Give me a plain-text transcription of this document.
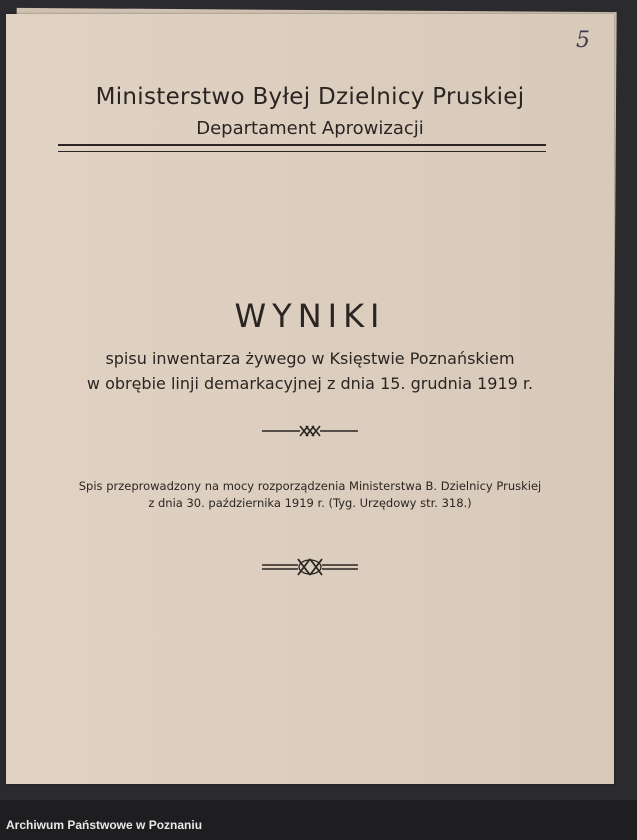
5
Ministerstwo Byłej Dzielnicy Pruskiej
Departament Aprowizacji
WYNIKI
spisu inwentarza żywego w Księstwie Poznańskiem
w obrębie linji demarkacyjnej z dnia 15. grudnia 1919 r.
Spis przeprowadzony na mocy rozporządzenia Ministerstwa B. Dzielnicy Pruskiej
z dnia 30. października 1919 r. (Tyg. Urzędowy str. 318.)
Archiwum Państwowe w Poznaniu
